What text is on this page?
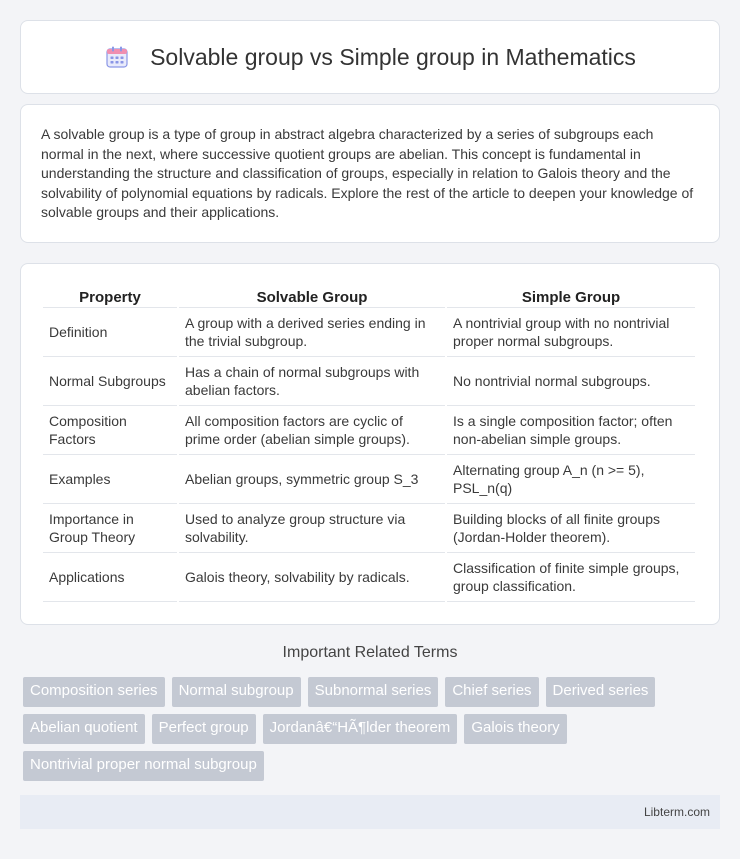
Solvable group vs Simple group in Mathematics

A solvable group is a type of group in abstract algebra characterized by a series of subgroups each normal in the next, where successive quotient groups are abelian. This concept is fundamental in understanding the structure and classification of groups, especially in relation to Galois theory and the solvability of polynomial equations by radicals. Explore the rest of the article to deepen your knowledge of solvable groups and their applications.

Property	Solvable Group	Simple Group
Definition	A group with a derived series ending in the trivial subgroup.	A nontrivial group with no nontrivial proper normal subgroups.
Normal Subgroups	Has a chain of normal subgroups with abelian factors.	No nontrivial normal subgroups.
Composition Factors	All composition factors are cyclic of prime order (abelian simple groups).	Is a single composition factor; often non-abelian simple groups.
Examples	Abelian groups, symmetric group S_3	Alternating group A_n (n >= 5), PSL_n(q)
Importance in Group Theory	Used to analyze group structure via solvability.	Building blocks of all finite groups (Jordan-Holder theorem).
Applications	Galois theory, solvability by radicals.	Classification of finite simple groups, group classification.
Important Related Terms
Composition series	Normal subgroup	Subnormal series	Chief series	Derived series
Abelian quotient	Perfect group	Jordanâ€“HÃ¶lder theorem	Galois theory
Nontrivial proper normal subgroup
Libterm.com
